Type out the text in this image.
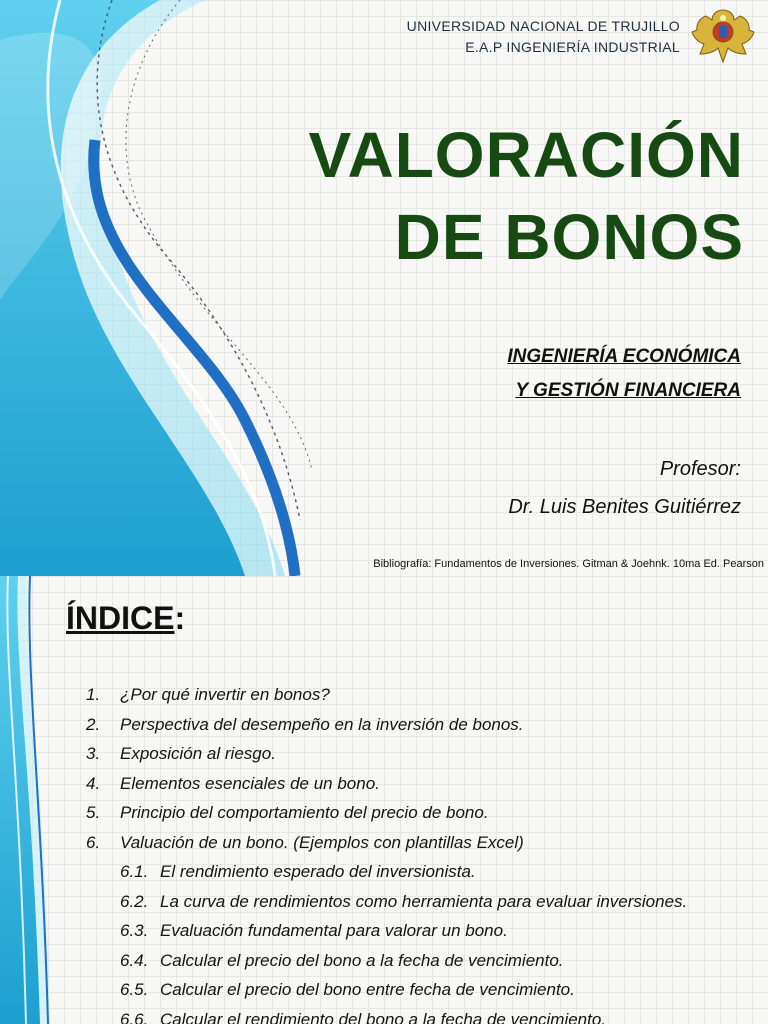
UNIVERSIDAD NACIONAL DE TRUJILLO
E.A.P INGENIERÍA INDUSTRIAL
VALORACIÓN
DE BONOS
INGENIERÍA ECONÓMICA
Y GESTIÓN FINANCIERA
Profesor:
Dr. Luis Benites Guitiérrez
Bibliografía: Fundamentos de Inversiones. Gitman & Joehnk. 10ma Ed. Pearson
ÍNDICE:
1. ¿Por qué invertir en bonos?
2. Perspectiva del desempeño en la inversión de bonos.
3. Exposición al riesgo.
4. Elementos esenciales de un bono.
5. Principio del comportamiento del precio de bono.
6. Valuación de un bono. (Ejemplos con plantillas Excel)
6.1. El rendimiento esperado del inversionista.
6.2. La curva de rendimientos como herramienta para evaluar inversiones.
6.3. Evaluación fundamental para valorar un bono.
6.4. Calcular el precio del bono a la fecha de vencimiento.
6.5. Calcular el precio del bono entre fecha de vencimiento.
6.6. Calcular el rendimiento del bono a la fecha de vencimiento.
